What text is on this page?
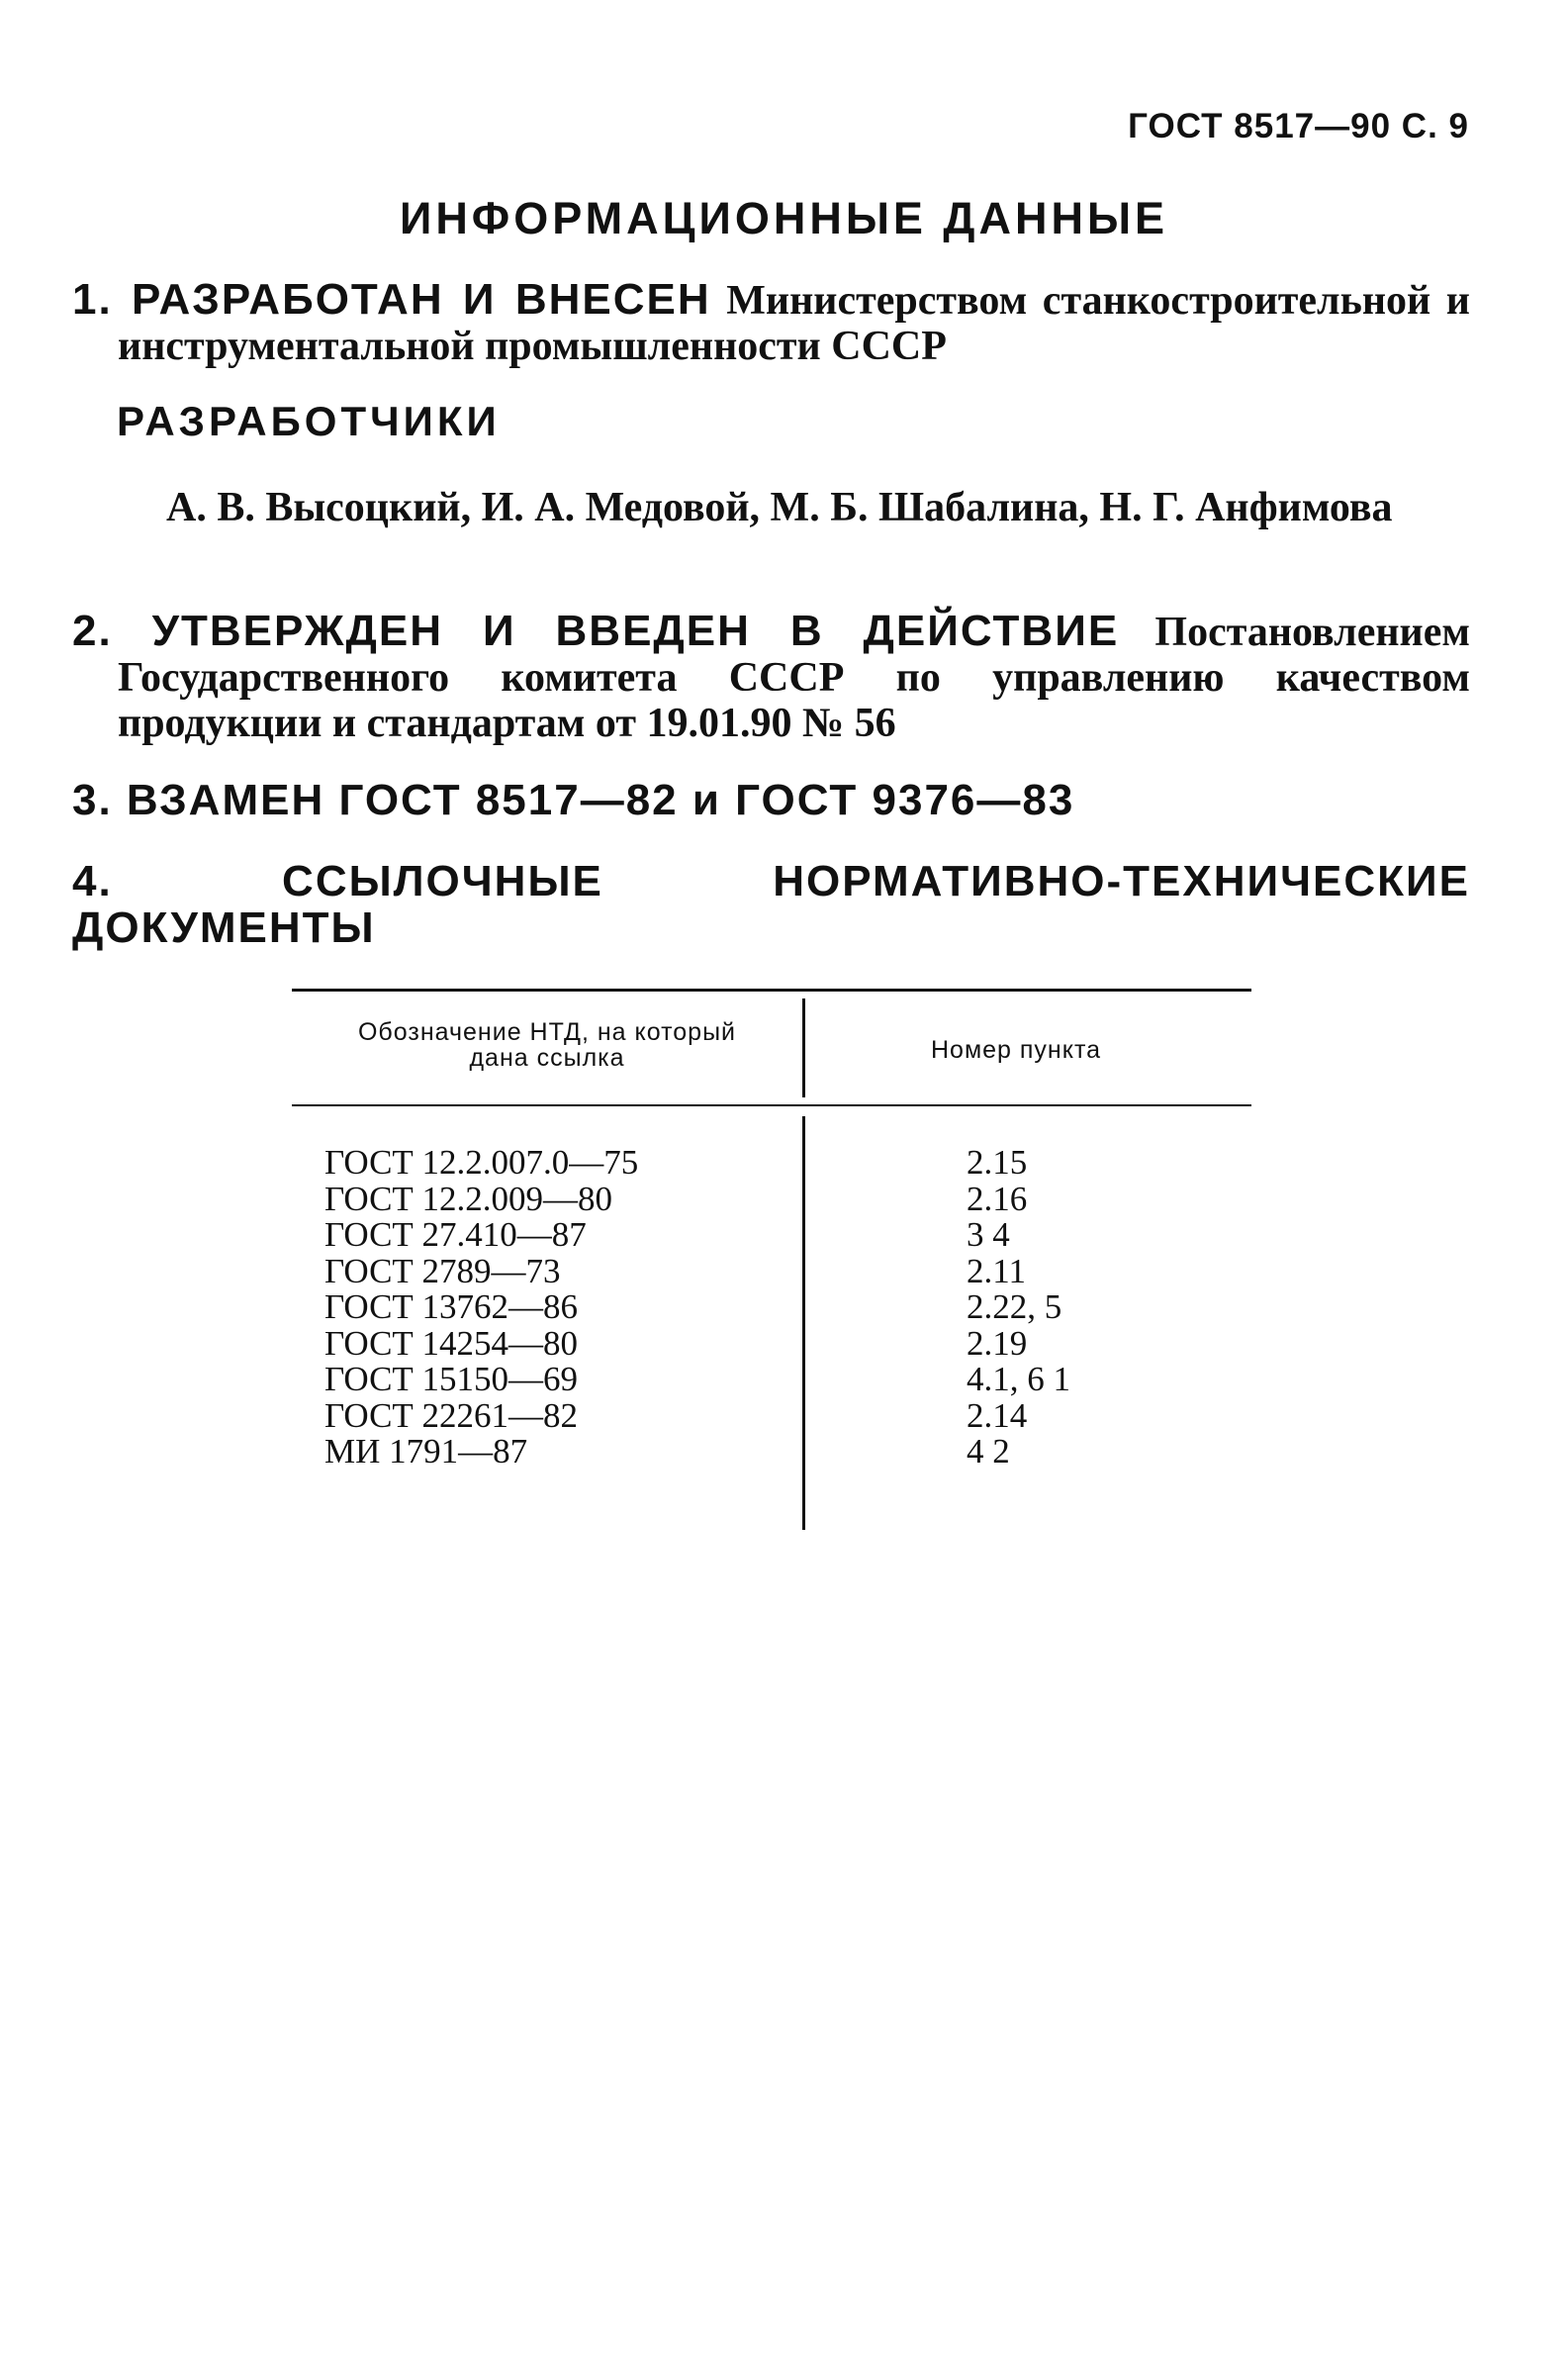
ГОСТ 8517—90 С. 9
ИНФОРМАЦИОННЫЕ ДАННЫЕ
1. РАЗРАБОТАН И ВНЕСЕН Министерством станкостроительной и инструментальной промышленности СССР
РАЗРАБОТЧИКИ
А. В. Высоцкий, И. А. Медовой, М. Б. Шабалина, Н. Г. Анфимова
2. УТВЕРЖДЕН И ВВЕДЕН В ДЕЙСТВИЕ Постановлением Государственного комитета СССР по управлению качеством продукции и стандартам от 19.01.90 № 56
3. ВЗАМЕН ГОСТ 8517—82 и ГОСТ 9376—83
4. ССЫЛОЧНЫЕ НОРМАТИВНО-ТЕХНИЧЕСКИЕ ДОКУМЕНТЫ
Обозначение НТД, на который
дана ссылка	Номер пункта
ГОСТ 12.2.007.0—75
ГОСТ 12.2.009—80
ГОСТ 27.410—87
ГОСТ 2789—73
ГОСТ 13762—86
ГОСТ 14254—80
ГОСТ 15150—69
ГОСТ 22261—82
МИ 1791—87
2.15
2.16
3 4
2.11
2.22, 5
2.19
4.1, 6 1
2.14
4 2
